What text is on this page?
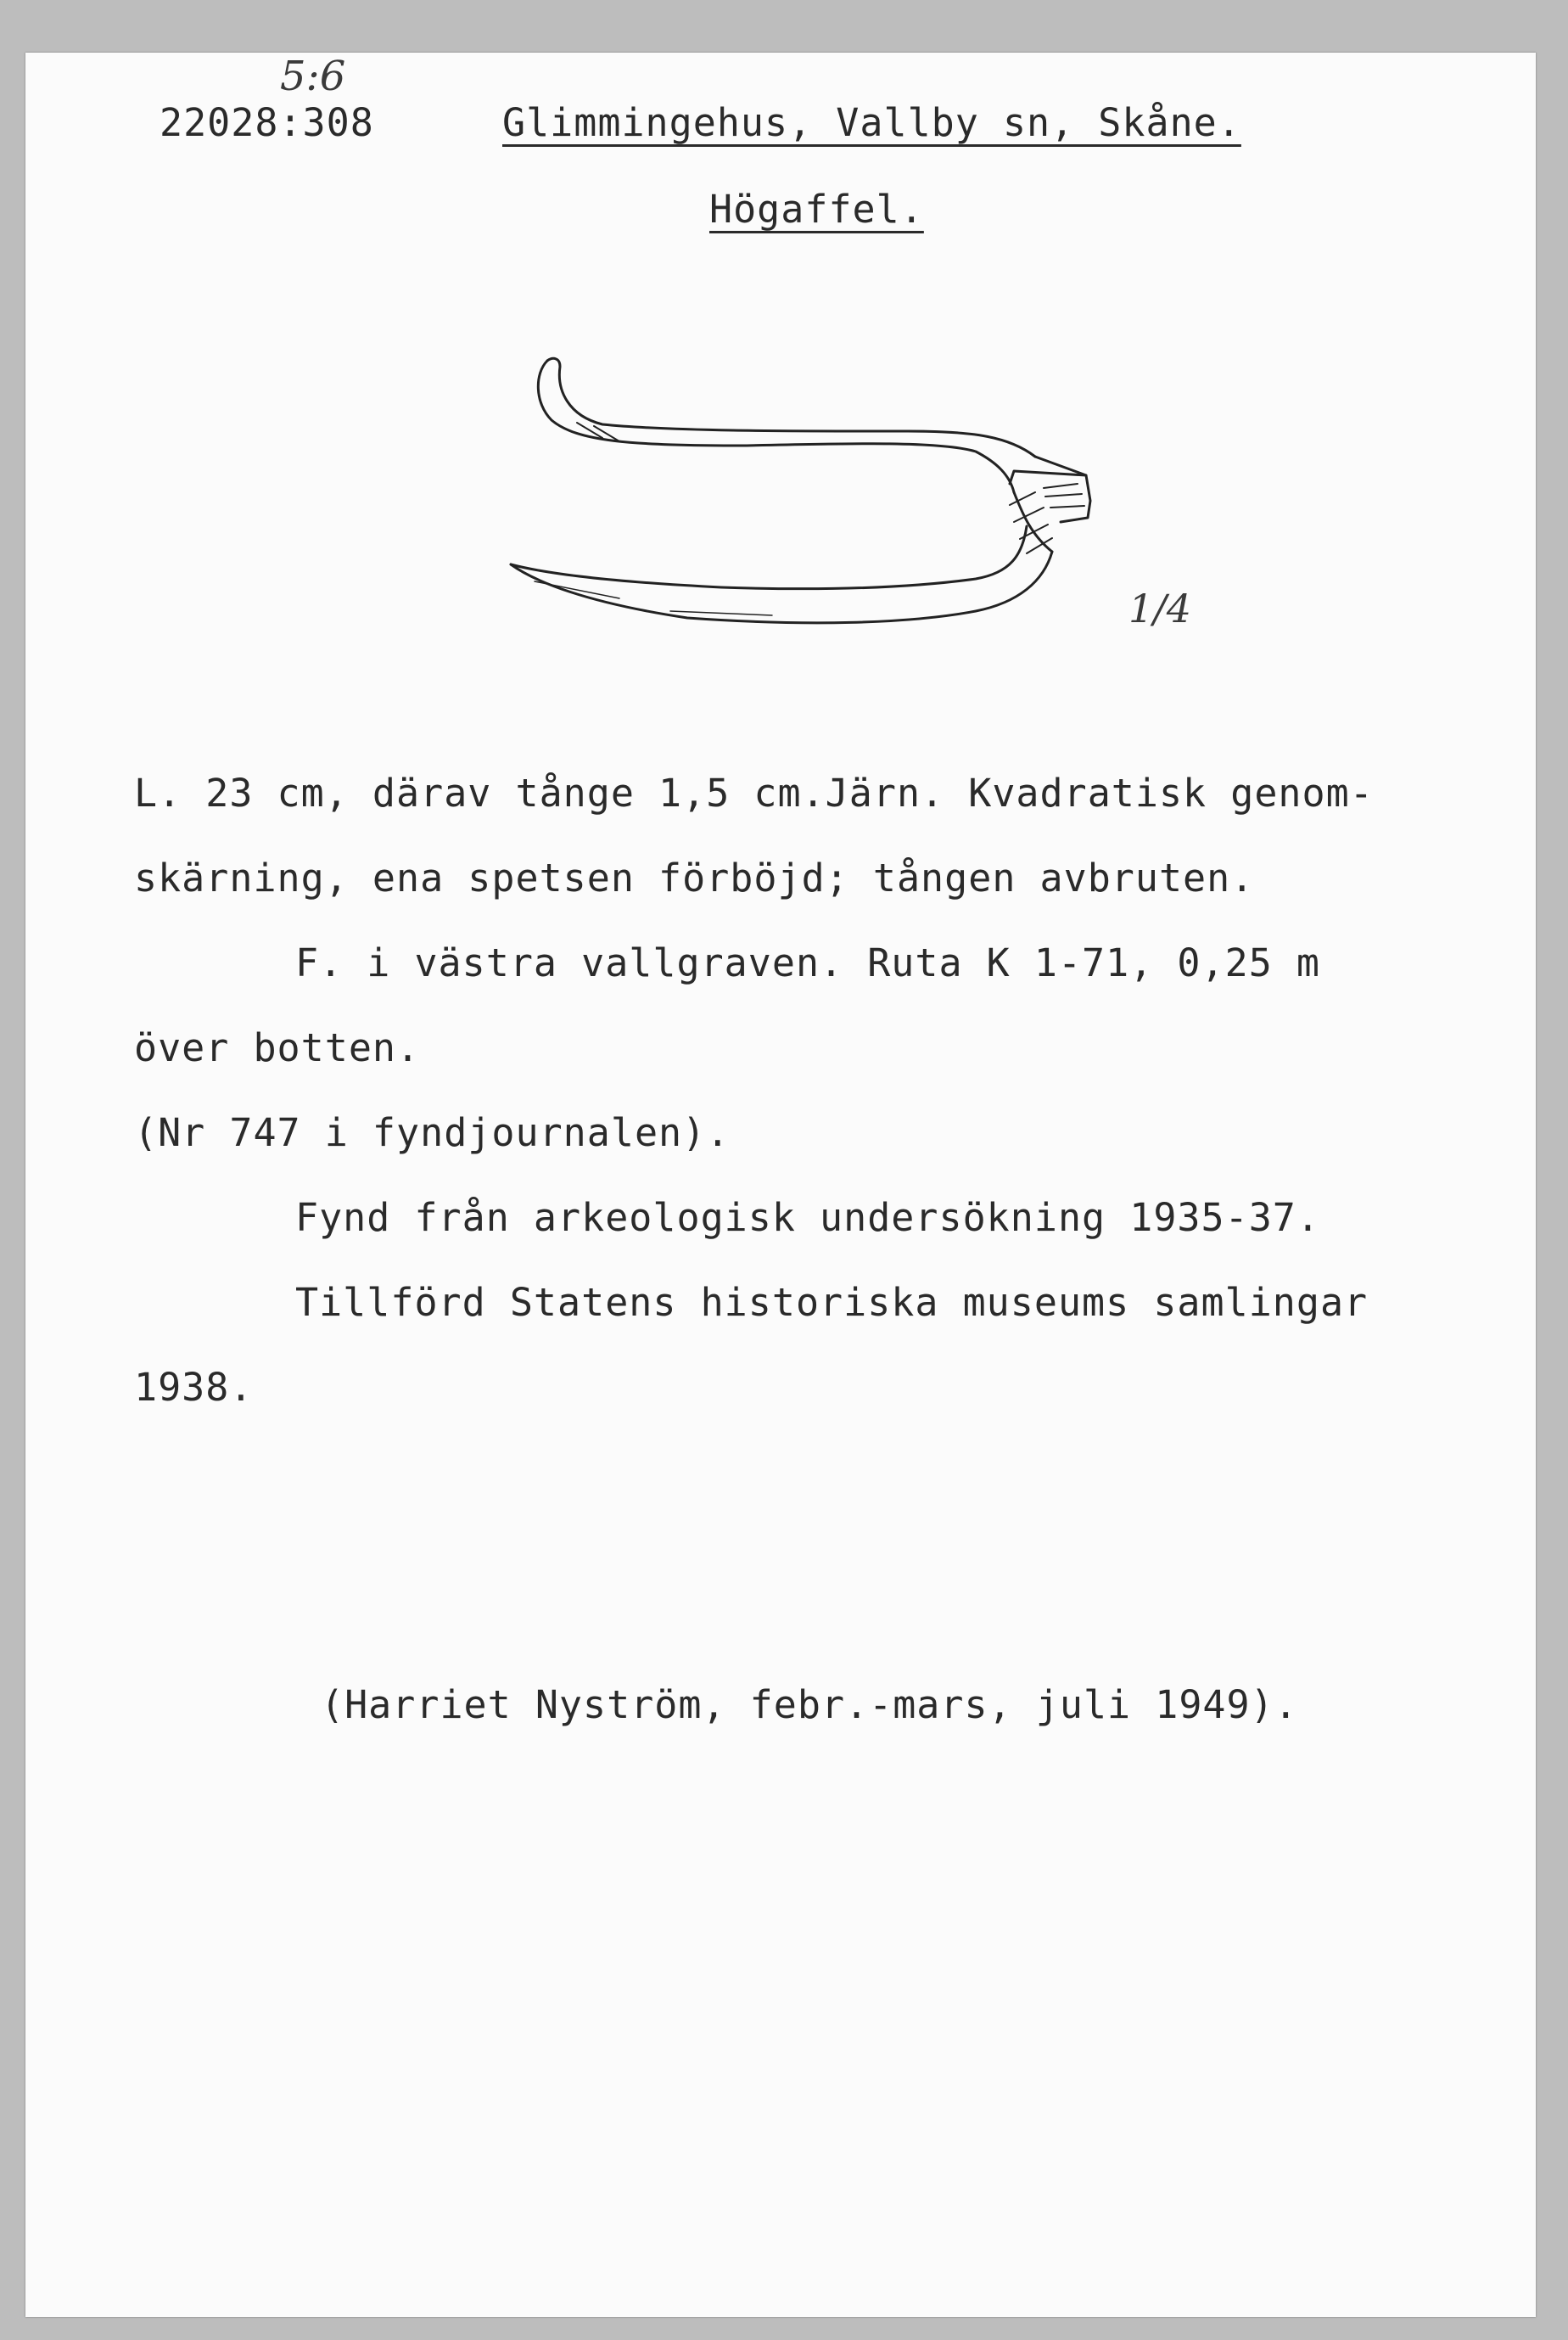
5:6
22028:308	Glimmingehus, Vallby sn, Skåne.
Högaffel.
1/4
L. 23 cm, därav tånge 1,5 cm.Järn. Kvadratisk genom-
skärning, ena spetsen förböjd; tången avbruten.
F. i västra vallgraven. Ruta K 1-71, 0,25 m
över botten.
(Nr 747 i fyndjournalen).
Fynd från arkeologisk undersökning 1935-37.
Tillförd Statens historiska museums samlingar
1938.
(Harriet Nyström, febr.-mars, juli 1949).
